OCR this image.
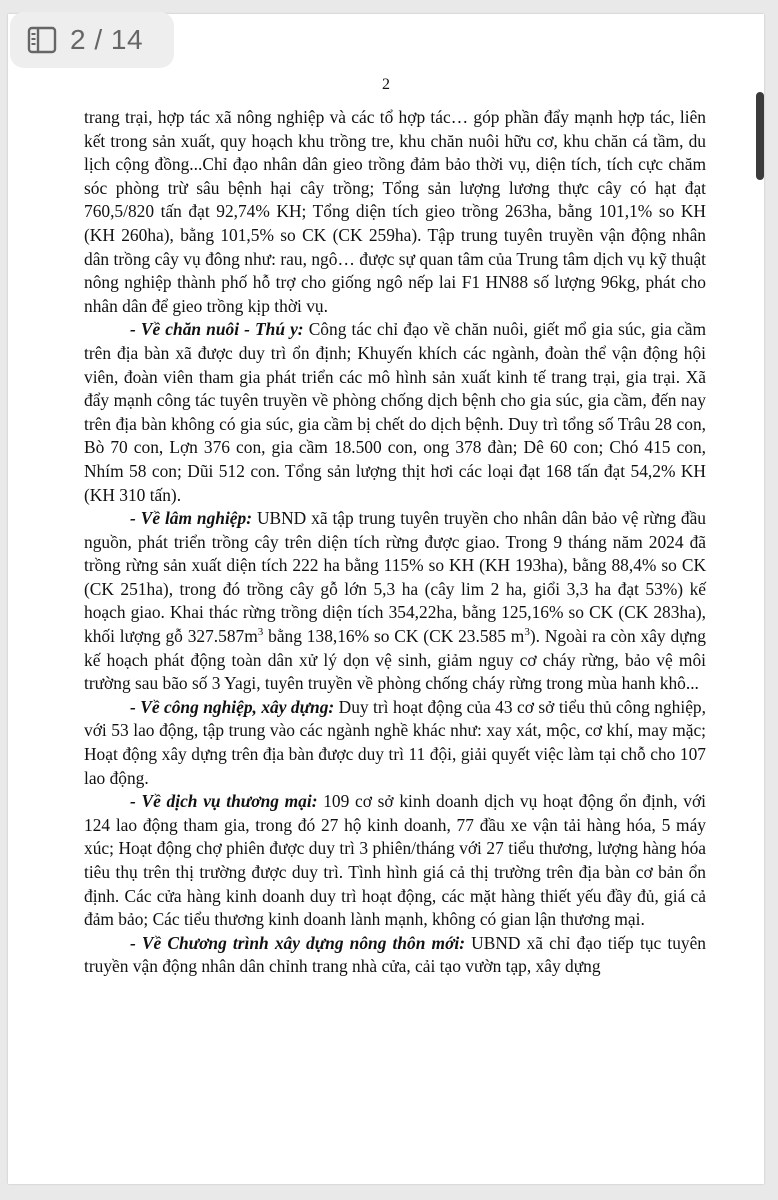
2

trang trại, hợp tác xã nông nghiệp và các tổ hợp tác… góp phần đẩy mạnh hợp tác, liên kết trong sản xuất, quy hoạch khu trồng tre, khu chăn nuôi hữu cơ, khu chăn cá tầm, du lịch cộng đồng...Chỉ đạo nhân dân gieo trồng đảm bảo thời vụ, diện tích, tích cực chăm sóc phòng trừ sâu bệnh hại cây trồng; Tổng sản lượng lương thực cây có hạt đạt 760,5/820 tấn đạt 92,74% KH; Tổng diện tích gieo trồng 263ha, bằng 101,1% so KH (KH 260ha), bằng 101,5% so CK (CK 259ha). Tập trung tuyên truyền vận động nhân dân trồng cây vụ đông như: rau, ngô… được sự quan tâm của Trung tâm dịch vụ kỹ thuật nông nghiệp thành phố hỗ trợ cho giống ngô nếp lai F1 HN88 số lượng 96kg, phát cho nhân dân để gieo trồng kịp thời vụ.

- Về chăn nuôi - Thú y: Công tác chỉ đạo về chăn nuôi, giết mổ gia súc, gia cầm trên địa bàn xã được duy trì ổn định; Khuyến khích các ngành, đoàn thể vận động hội viên, đoàn viên tham gia phát triển các mô hình sản xuất kinh tế trang trại, gia trại. Xã đẩy mạnh công tác tuyên truyền về phòng chống dịch bệnh cho gia súc, gia cầm, đến nay trên địa bàn không có gia súc, gia cầm bị chết do dịch bệnh. Duy trì tổng số Trâu 28 con, Bò 70 con, Lợn 376 con, gia cầm 18.500 con, ong 378 đàn; Dê 60 con; Chó 415 con, Nhím 58 con; Dũi 512 con. Tổng sản lượng thịt hơi các loại đạt 168 tấn đạt 54,2% KH (KH 310 tấn).

- Về lâm nghiệp: UBND xã tập trung tuyên truyền cho nhân dân bảo vệ rừng đầu nguồn, phát triển trồng cây trên diện tích rừng được giao. Trong 9 tháng năm 2024 đã trồng rừng sản xuất diện tích 222 ha bằng 115% so KH (KH 193ha), bằng 88,4% so CK (CK 251ha), trong đó trồng cây gỗ lớn 5,3 ha (cây lim 2 ha, giổi 3,3 ha đạt 53%) kế hoạch giao. Khai thác rừng trồng diện tích 354,22ha, bằng 125,16% so CK (CK 283ha), khối lượng gỗ $327.587m^3$ bằng 138,16% so CK (CK 23.585 $m^3$). Ngoài ra còn xây dựng kế hoạch phát động toàn dân xử lý dọn vệ sinh, giảm nguy cơ cháy rừng, bảo vệ môi trường sau bão số 3 Yagi, tuyên truyền về phòng chống cháy rừng trong mùa hanh khô...

- Về công nghiệp, xây dựng: Duy trì hoạt động của 43 cơ sở tiểu thủ công nghiệp, với 53 lao động, tập trung vào các ngành nghề khác như: xay xát, mộc, cơ khí, may mặc; Hoạt động xây dựng trên địa bàn được duy trì 11 đội, giải quyết việc làm tại chỗ cho 107 lao động.

- Về dịch vụ thương mại: 109 cơ sở kinh doanh dịch vụ hoạt động ổn định, với 124 lao động tham gia, trong đó 27 hộ kinh doanh, 77 đầu xe vận tải hàng hóa, 5 máy xúc; Hoạt động chợ phiên được duy trì 3 phiên/tháng với 27 tiểu thương, lượng hàng hóa tiêu thụ trên thị trường được duy trì. Tình hình giá cả thị trường trên địa bàn cơ bản ổn định. Các cửa hàng kinh doanh duy trì hoạt động, các mặt hàng thiết yếu đầy đủ, giá cả đảm bảo; Các tiểu thương kinh doanh lành mạnh, không có gian lận thương mại.

- Về Chương trình xây dựng nông thôn mới: UBND xã chỉ đạo tiếp tục tuyên truyền vận động nhân dân chỉnh trang nhà cửa, cải tạo vườn tạp, xây dựng

2 / 14
